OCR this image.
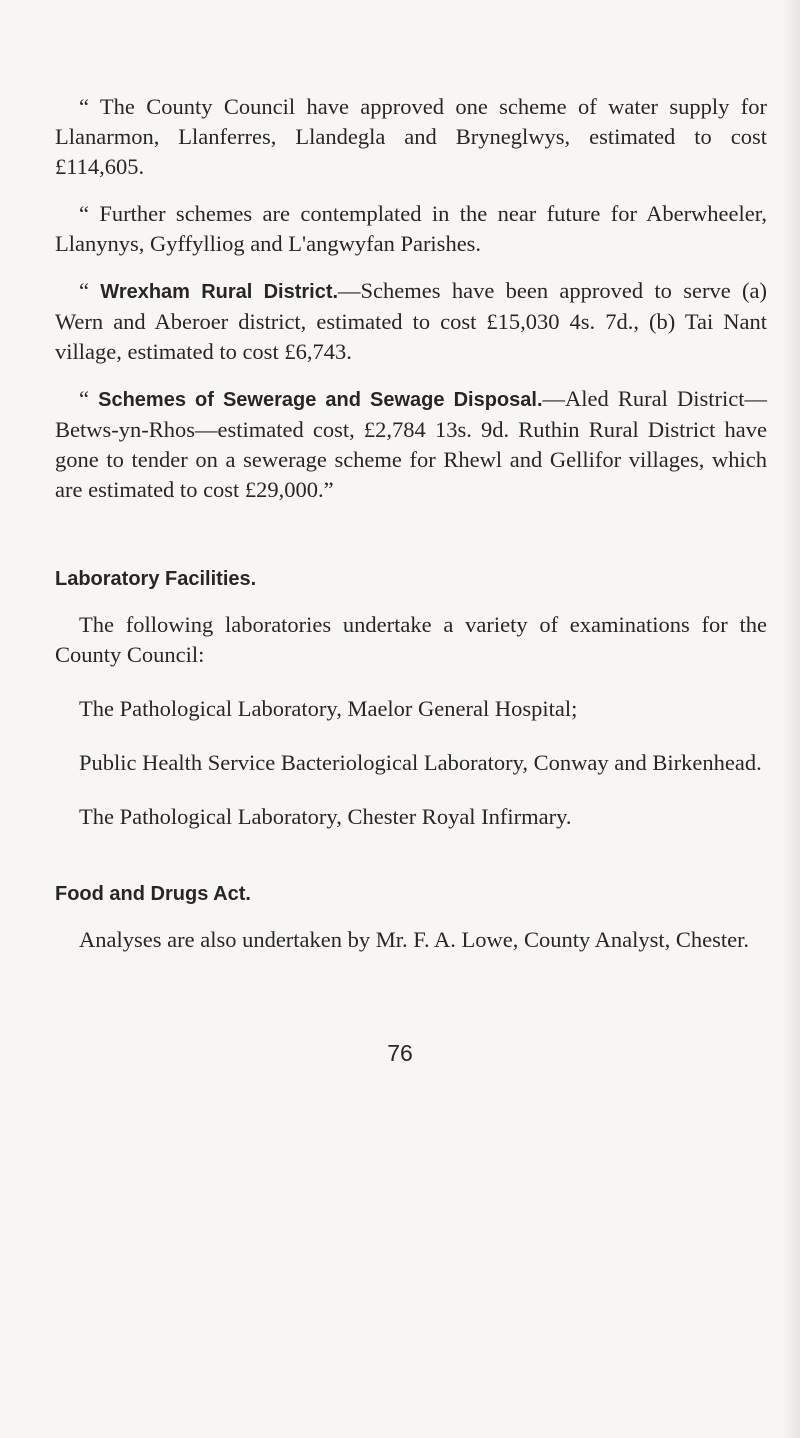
“ The County Council have approved one scheme of water supply for Llanarmon, Llanferres, Llandegla and Bryneglwys, estimated to cost £114,605.

“ Further schemes are contemplated in the near future for Aberwheeler, Llanynys, Gyffylliog and L'angwyfan Parishes.

“ Wrexham Rural District.—Schemes have been approved to serve (a) Wern and Aberoer district, estimated to cost £15,030 4s. 7d., (b) Tai Nant village, estimated to cost £6,743.

“ Schemes of Sewerage and Sewage Disposal.—Aled Rural District—Betws-yn-Rhos—estimated cost, £2,784 13s. 9d. Ruthin Rural District have gone to tender on a sewerage scheme for Rhewl and Gellifor villages, which are estimated to cost £29,000.”

Laboratory Facilities.

The following laboratories undertake a variety of examinations for the County Council:

The Pathological Laboratory, Maelor General Hospital;

Public Health Service Bacteriological Laboratory, Conway and Birkenhead.

The Pathological Laboratory, Chester Royal Infirmary.

Food and Drugs Act.

Analyses are also undertaken by Mr. F. A. Lowe, County Analyst, Chester.

76
